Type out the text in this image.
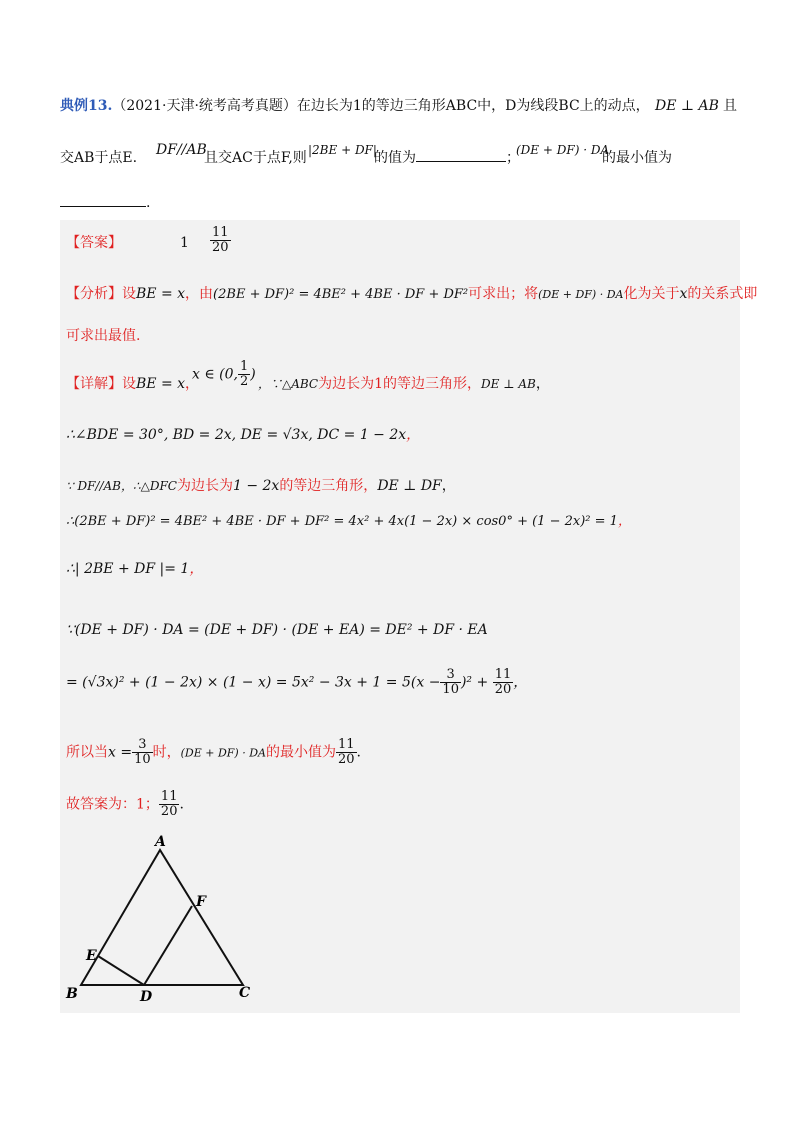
典例13.（2021·天津·统考高考真题）在边长为1的等边三角形ABC中，D为线段BC上的动点， DE ⊥ AB 且
交AB于点E. DF//AB
且交AC于点F,则 |2BE + DF|
的值为	；
(DE + DF) · DA
的最小值为
.
【答案】	$1 \frac{11}{20}$
【分析】设BE = x，由(2BE + DF)² = 4BE² + 4BE · DF + DF²可求出；将(DE + DF) · DA化为关于x的关系式即
可求出最值.
【详解】设BE = x，
x ∈ (0, $\frac{1}{2}$ )
，∵△ABC为边长为1的等边三角形，DE ⊥ AB，
∴∠BDE = 30°, BD = 2x, DE = √3x, DC = 1 − 2x，
∵ DF//AB，∴△DFC为边长为1 − 2x的等边三角形，DE ⊥ DF，
∴(2BE + DF)² = 4BE² + 4BE · DF + DF² = 4x² + 4x(1 − 2x) × cos0° + (1 − 2x)² = 1，
∴| 2BE + DF |= 1，
∵(DE + DF) · DA = (DE + DF) · (DE + EA) = DE² + DF · EA
= $(√3x)^2 + (1 - 2x) \times (1 - x) = 5x^2 - 3x + 1 = 5(x - \frac{3}{10} )^2 + \frac{11}{20}$ ，
所以当$x = \frac{3}{10}$ 时，(DE + DF) · DA的最小值为 $\frac{11}{20}$ .
故答案为：1； $\frac{11}{20}$ .
A
B	C
D
E
F
